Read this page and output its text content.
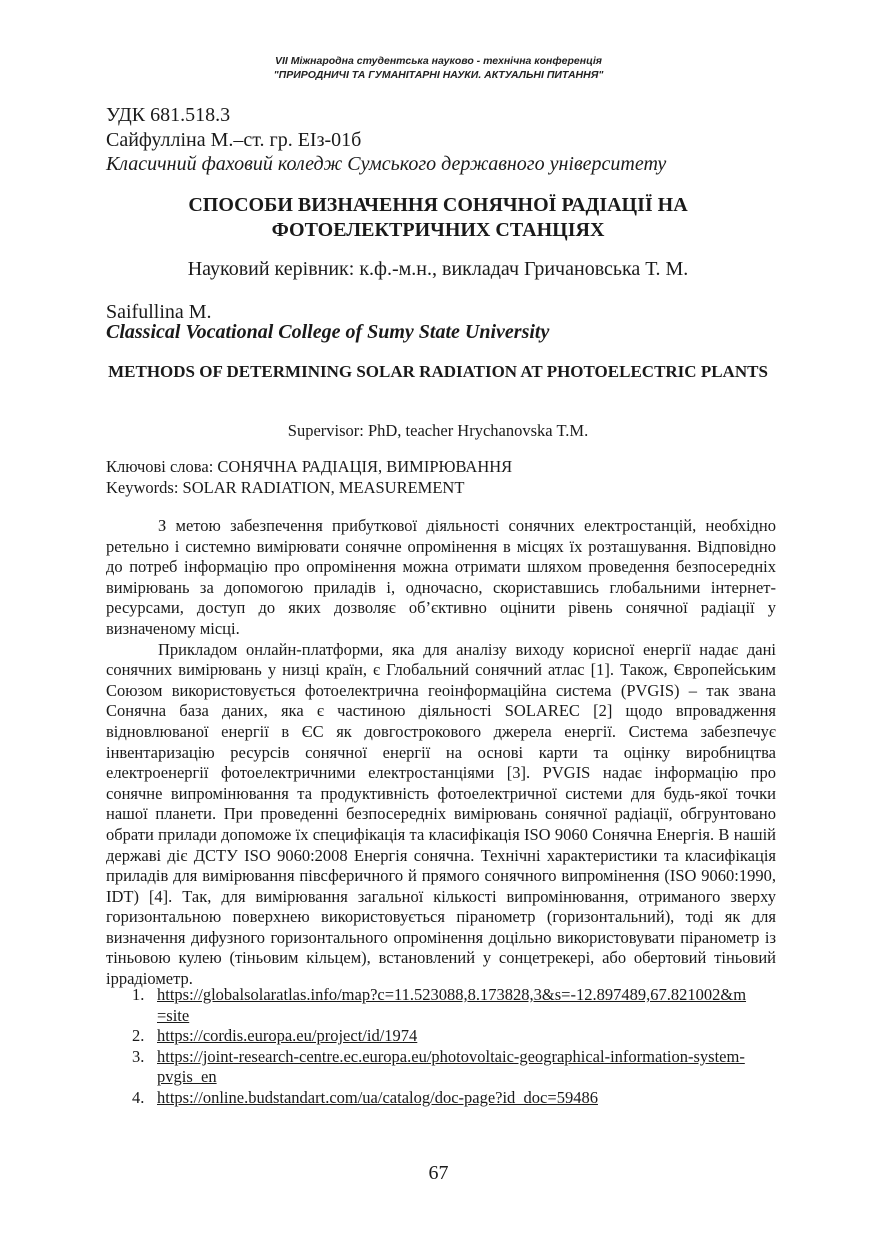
VII Міжнародна студентська науково - технічна конференція
"ПРИРОДНИЧІ ТА ГУМАНІТАРНІ НАУКИ. АКТУАЛЬНІ ПИТАННЯ"
УДК 681.518.3
Сайфулліна М.–ст. гр. ЕІз-01б
Класичний фаховий коледж Сумського державного університету
СПОСОБИ ВИЗНАЧЕННЯ СОНЯЧНОЇ РАДІАЦІЇ НА ФОТОЕЛЕКТРИЧНИХ СТАНЦІЯХ
Науковий керівник: к.ф.-м.н., викладач Гричановська Т. М.
Saifullina M.
Classical Vocational College of Sumy State University
METHODS OF DETERMINING SOLAR RADIATION AT PHOTOELECTRIC PLANTS
Supervisor: PhD, teacher Hrychanovska T.M.
Ключові слова: СОНЯЧНА РАДІАЦІЯ, ВИМІРЮВАННЯ
Keywords: SOLAR RADIATION, MEASUREMENT

З метою забезпечення прибуткової діяльності сонячних електростанцій, необхідно ретельно і системно вимірювати сонячне опромінення в місцях їх розташування. Відповідно до потреб інформацію про опромінення можна отримати шляхом проведення безпосередніх вимірювань за допомогою приладів і, одночасно, скориставшись глобальними інтернет-ресурсами, доступ до яких дозволяє об’єктивно оцінити рівень сонячної радіації у визначеному місці.

Прикладом онлайн-платформи, яка для аналізу виходу корисної енергії надає дані сонячних вимірювань у низці країн, є Глобальний сонячний атлас [1]. Також, Європейським Союзом використовується фотоелектрична геоінформаційна система (PVGIS) – так звана Сонячна база даних, яка є частиною діяльності SOLAREC [2] щодо впровадження відновлюваної енергії в ЄС як довгострокового джерела енергії. Система забезпечує інвентаризацію ресурсів сонячної енергії на основі карти та оцінку виробництва електроенергії фотоелектричними електростанціями [3]. PVGIS надає інформацію про сонячне випромінювання та продуктивність фотоелектричної системи для будь-якої точки нашої планети. При проведенні безпосередніх вимірювань сонячної радіації, обгрунтовано обрати прилади допоможе їх специфікація та класифікація ISO 9060 Сонячна Енергія. В нашій державі діє ДСТУ ISO 9060:2008 Енергія сонячна. Технічні характеристики та класифікація приладів для вимірювання півсферичного й прямого сонячного випромінення (ISO 9060:1990, IDT) [4]. Так, для вимірювання загальної кількості випромінювання, отриманого зверху горизонтальною поверхнею використовується піранометр (горизонтальний), тоді як для визначення дифузного горизонтального опромінення доцільно використовувати піранометр із тіньовою кулею (тіньовим кільцем), встановлений у сонцетрекері, або обертовий тіньовий іррадіометр.

1. https://globalsolaratlas.info/map?c=11.523088,8.173828,3&s=-12.897489,67.821002&m=site
2. https://cordis.europa.eu/project/id/1974
3. https://joint-research-centre.ec.europa.eu/photovoltaic-geographical-information-system-pvgis_en
4. https://online.budstandart.com/ua/catalog/doc-page?id_doc=59486
67
